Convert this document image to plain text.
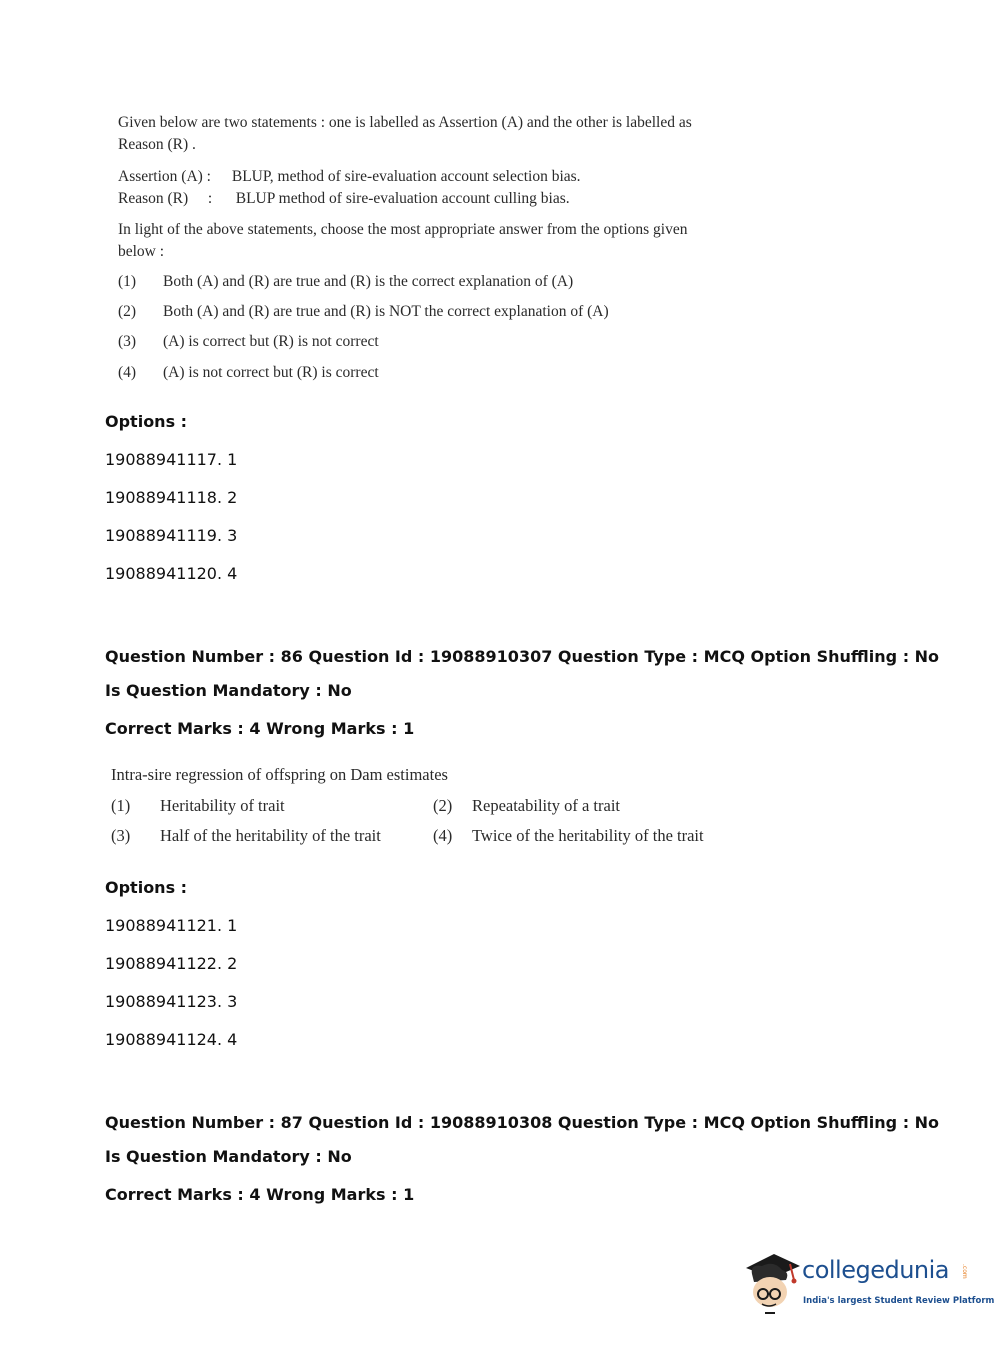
Given below are two statements : one is labelled as Assertion (A) and the other is labelled as
Reason (R) .
Assertion (A) : BLUP, method of sire-evaluation account selection bias.
Reason (R) : BLUP method of sire-evaluation account culling bias.
In light of the above statements, choose the most appropriate answer from the options given
below :
(1) Both (A) and (R) are true and (R) is the correct explanation of (A)
(2) Both (A) and (R) are true and (R) is NOT the correct explanation of (A)
(3) (A) is correct but (R) is not correct
(4) (A) is not correct but (R) is correct
Options :
19088941117. 1
19088941118. 2
19088941119. 3
19088941120. 4
Question Number : 86 Question Id : 19088910307 Question Type : MCQ Option Shuffling : No
Is Question Mandatory : No
Correct Marks : 4 Wrong Marks : 1
Intra-sire regression of offspring on Dam estimates
(1) Heritability of trait	(2) Repeatability of a trait
(3) Half of the heritability of the trait	(4) Twice of the heritability of the trait
Options :
19088941121. 1
19088941122. 2
19088941123. 3
19088941124. 4
Question Number : 87 Question Id : 19088910308 Question Type : MCQ Option Shuffling : No
Is Question Mandatory : No
Correct Marks : 4 Wrong Marks : 1
collegedunia .com
India's largest Student Review Platform
